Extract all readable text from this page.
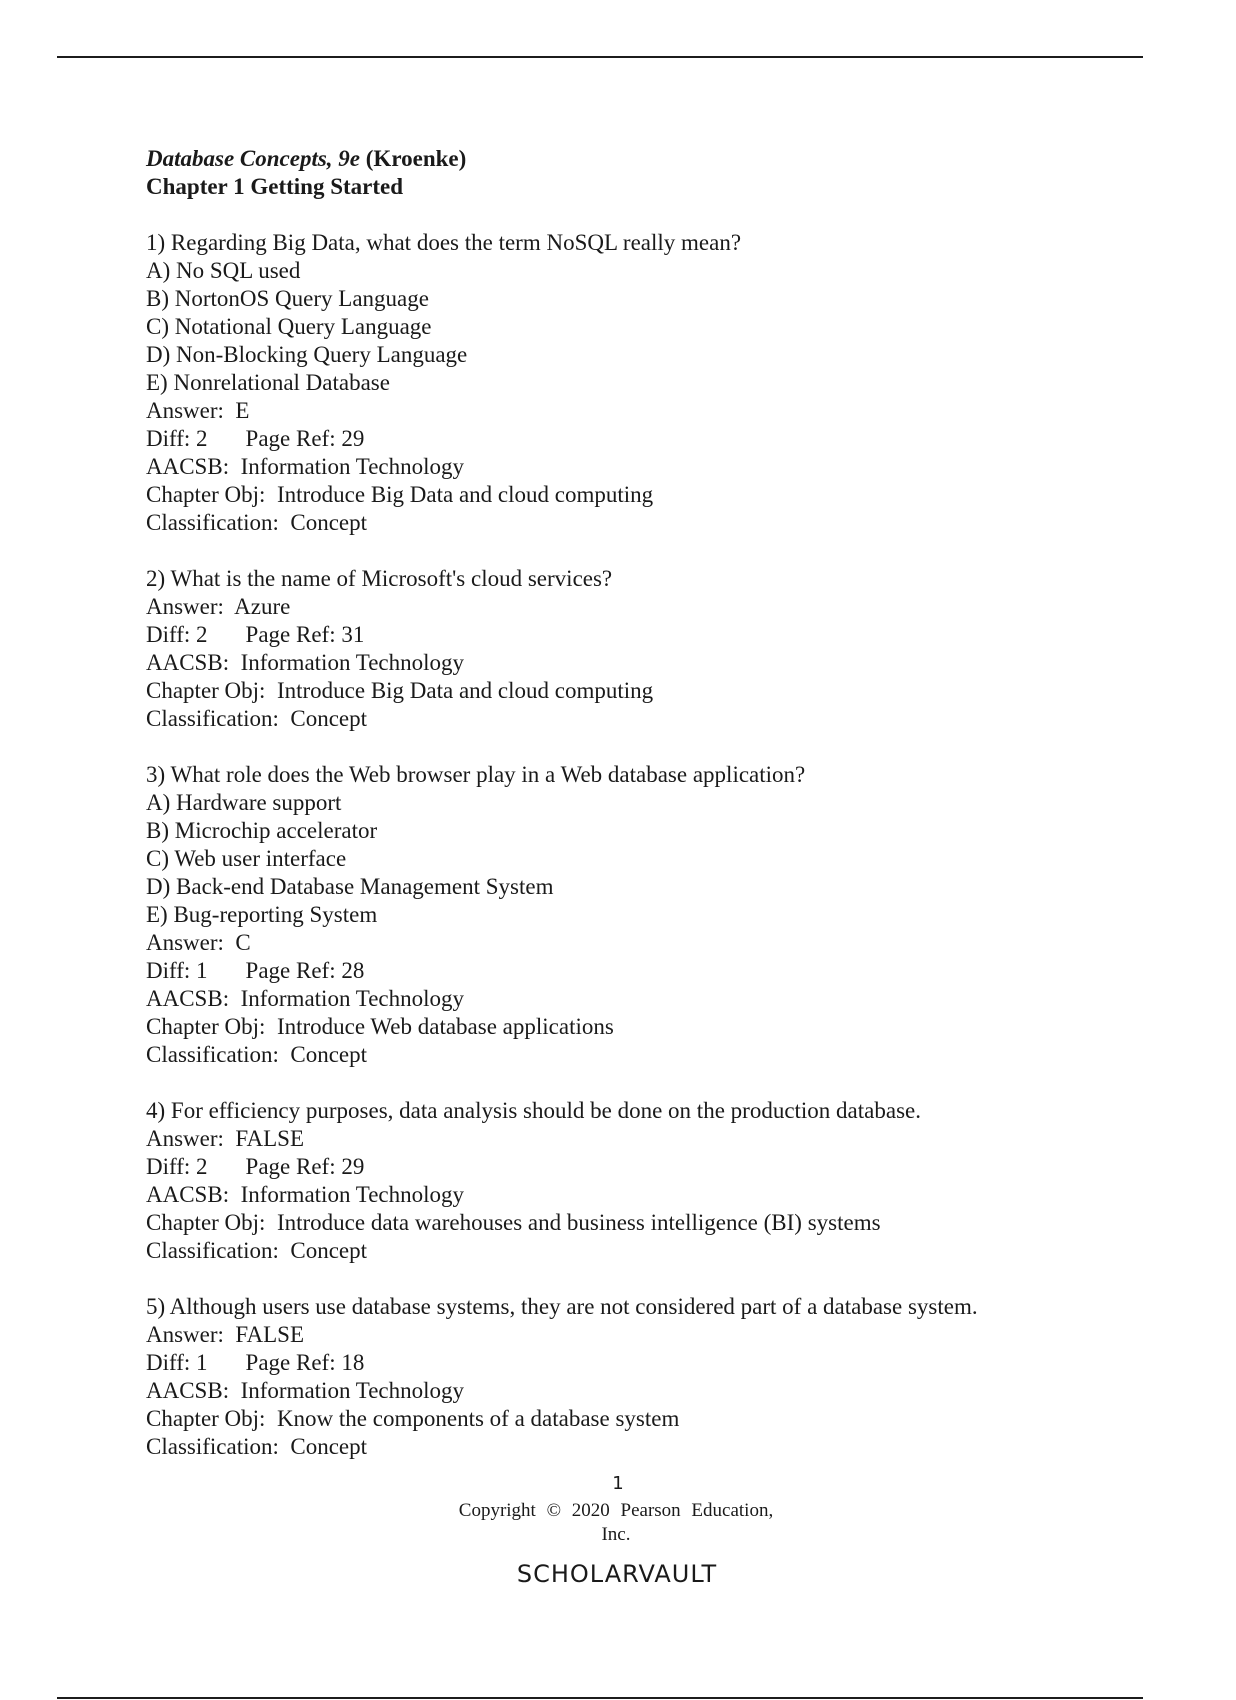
Database Concepts, 9e (Kroenke)
Chapter 1 Getting Started
1) Regarding Big Data, what does the term NoSQL really mean?
A) No SQL used
B) NortonOS Query Language
C) Notational Query Language
D) Non-Blocking Query Language
E) Nonrelational Database
Answer:  E
Diff: 2 Page Ref: 29
AACSB:  Information Technology
Chapter Obj:  Introduce Big Data and cloud computing
Classification:  Concept
2) What is the name of Microsoft's cloud services?
Answer:  Azure
Diff: 2 Page Ref: 31
AACSB:  Information Technology
Chapter Obj:  Introduce Big Data and cloud computing
Classification:  Concept
3) What role does the Web browser play in a Web database application?
A) Hardware support
B) Microchip accelerator
C) Web user interface
D) Back-end Database Management System
E) Bug-reporting System
Answer:  C
Diff: 1 Page Ref: 28
AACSB:  Information Technology
Chapter Obj:  Introduce Web database applications
Classification:  Concept
4) For efficiency purposes, data analysis should be done on the production database.
Answer:  FALSE
Diff: 2 Page Ref: 29
AACSB:  Information Technology
Chapter Obj:  Introduce data warehouses and business intelligence (BI) systems
Classification:  Concept
5) Although users use database systems, they are not considered part of a database system.
Answer:  FALSE
Diff: 1 Page Ref: 18
AACSB:  Information Technology
Chapter Obj:  Know the components of a database system
Classification:  Concept
1
Copyright © 2020 Pearson Education,
Inc.
SCHOLARVAULT
